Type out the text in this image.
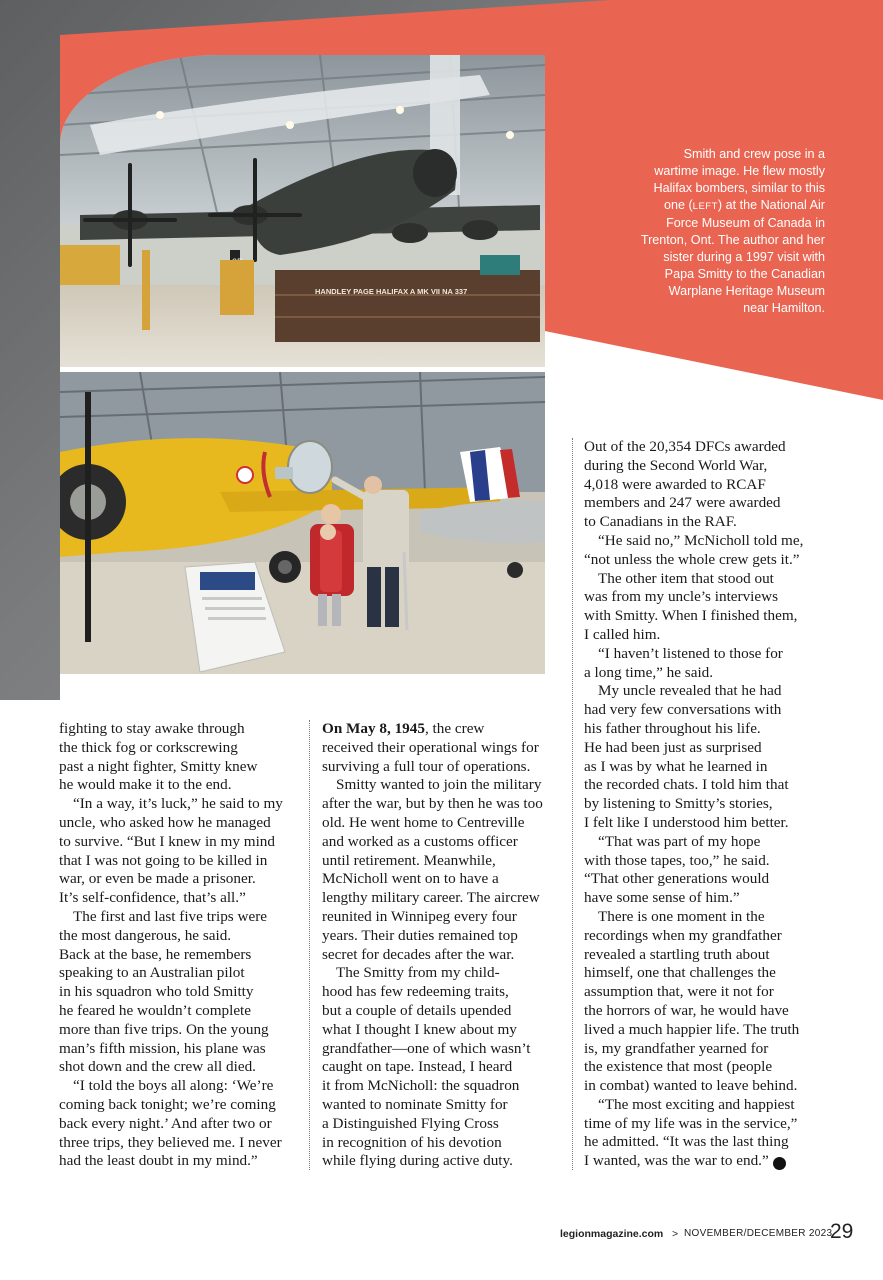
HANDLEY PAGE HALIFAX A MK VII NA 337
Smith and crew pose in a wartime image. He flew mostly Halifax bombers, similar to this one (LEFT) at the National Air Force Museum of Canada in Trenton, Ont. The author and her sister during a 1997 visit with Papa Smitty to the Canadian Warplane Heritage Museum near Hamilton.

fighting to stay awake through
the thick fog or corkscrewing
past a night fighter, Smitty knew
he would make it to the end.

“In a way, it’s luck,” he said to my
uncle, who asked how he managed
to survive. “But I knew in my mind
that I was not going to be killed in
war, or even be made a prisoner.
It’s self-confidence, that’s all.”

The first and last five trips were
the most dangerous, he said.
Back at the base, he remembers
speaking to an Australian pilot
in his squadron who told Smitty
he feared he wouldn’t complete
more than five trips. On the young
man’s fifth mission, his plane was
shot down and the crew all died.

“I told the boys all along: ‘We’re
coming back tonight; we’re coming
back every night.’ And after two or
three trips, they believed me. I never
had the least doubt in my mind.”

On May 8, 1945, the crew
received their operational wings for
surviving a full tour of operations.

Smitty wanted to join the military
after the war, but by then he was too
old. He went home to Centreville
and worked as a customs officer
until retirement. Meanwhile,
McNicholl went on to have a
lengthy military career. The aircrew
reunited in Winnipeg every four
years. Their duties remained top
secret for decades after the war.

The Smitty from my child-
hood has few redeeming traits,
but a couple of details upended
what I thought I knew about my
grandfather—one of which wasn’t
caught on tape. Instead, I heard
it from McNicholl: the squadron
wanted to nominate Smitty for
a Distinguished Flying Cross
in recognition of his devotion
while flying during active duty.

Out of the 20,354 DFCs awarded
during the Second World War,
4,018 were awarded to RCAF
members and 247 were awarded
to Canadians in the RAF.

“He said no,” McNicholl told me,
“not unless the whole crew gets it.”

The other item that stood out
was from my uncle’s interviews
with Smitty. When I finished them,
I called him.

“I haven’t listened to those for
a long time,” he said.

My uncle revealed that he had
had very few conversations with
his father throughout his life.
He had been just as surprised
as I was by what he learned in
the recorded chats. I told him that
by listening to Smitty’s stories,
I felt like I understood him better.

“That was part of my hope
with those tapes, too,” he said.
“That other generations would
have some sense of him.”

There is one moment in the
recordings when my grandfather
revealed a startling truth about
himself, one that challenges the
assumption that, were it not for
the horrors of war, he would have
lived a much happier life. The truth
is, my grandfather yearned for
the existence that most (people
in combat) wanted to leave behind.

“The most exciting and happiest
time of my life was in the service,”
he admitted. “It was the last thing
I wanted, was the war to end.” L

legionmagazine.com > NOVEMBER/DECEMBER 2023
29
